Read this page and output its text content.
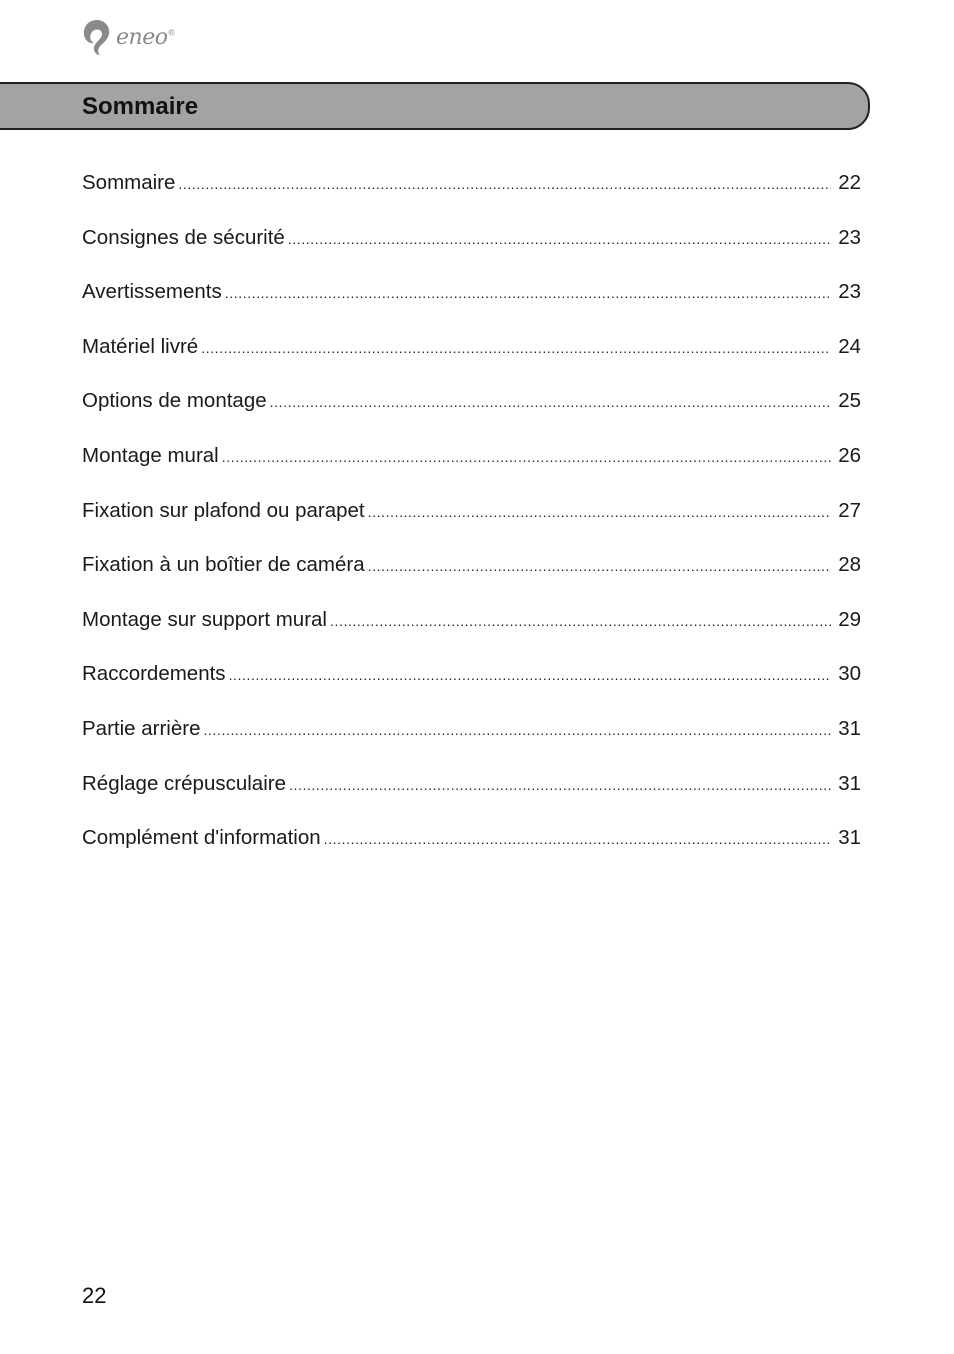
eneo®
Sommaire
Sommaire .....	22
Consignes de sécurité .....	23
Avertissements .....	23
Matériel livré .....	24
Options de montage .....	25
Montage mural .....	26
Fixation sur plafond ou parapet .....	27
Fixation à un boîtier de caméra .....	28
Montage sur support mural .....	29
Raccordements .....	30
Partie arrière .....	31
Réglage crépusculaire .....	31
Complément d'information .....	31
22
